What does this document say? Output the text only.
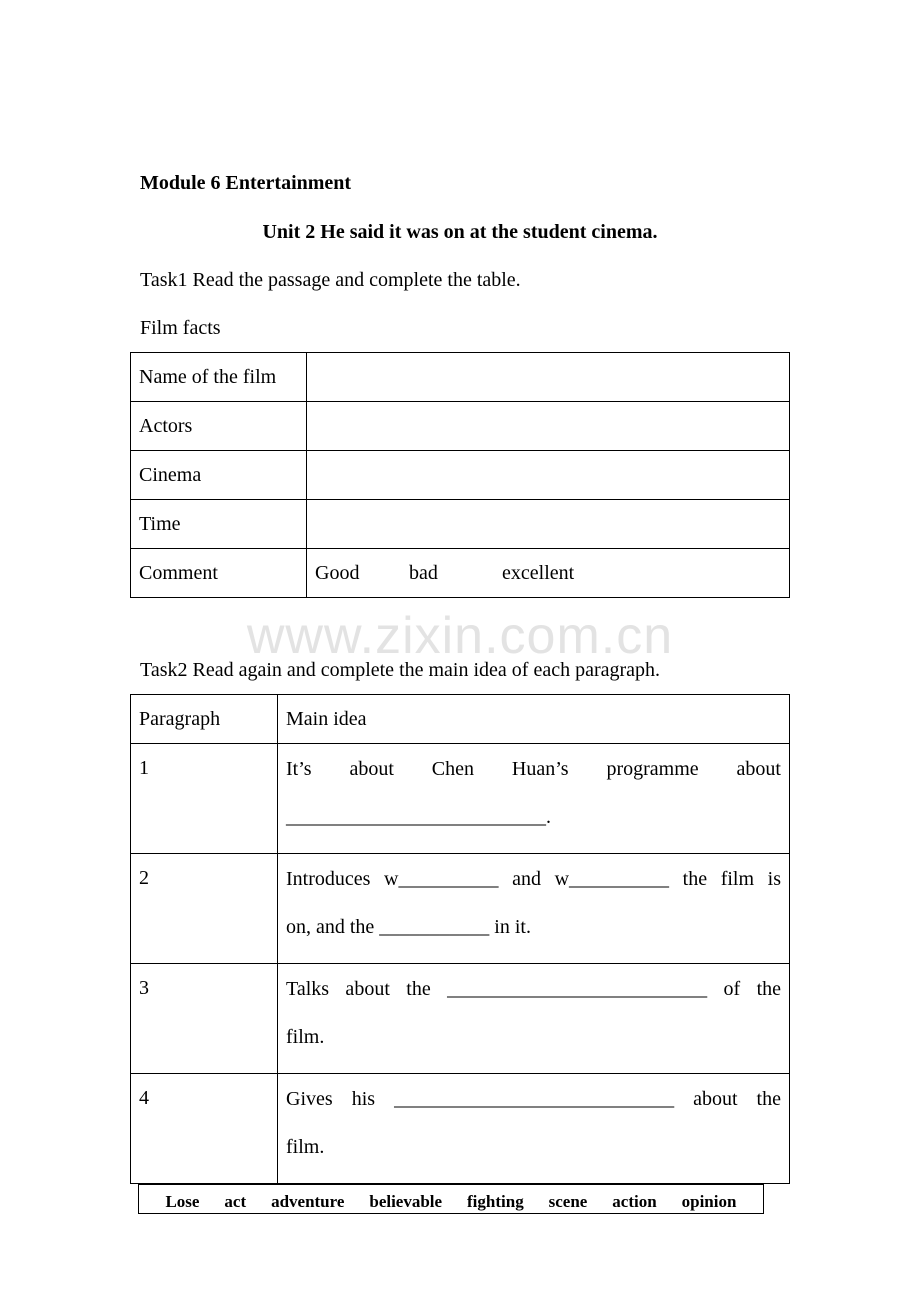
Module 6 Entertainment
Unit 2 He said it was on at the student cinema.
Task1 Read the passage and complete the table.
Film facts
Name of the film	
Actors	
Cinema	
Time	
Comment	Good bad excellent
www.zixin.com.cn
Task2 Read again and complete the main idea of each paragraph.
Paragraph	Main idea
1	It’s about Chen Huan’s programme about
__________________________.

2	Introduces w__________ and w__________ the film is
on, and the ___________ in it.

3	Talks about the __________________________ of the
film.

4	Gives his ____________________________ about the
film.
Lose act adventure believable fighting scene action opinion
